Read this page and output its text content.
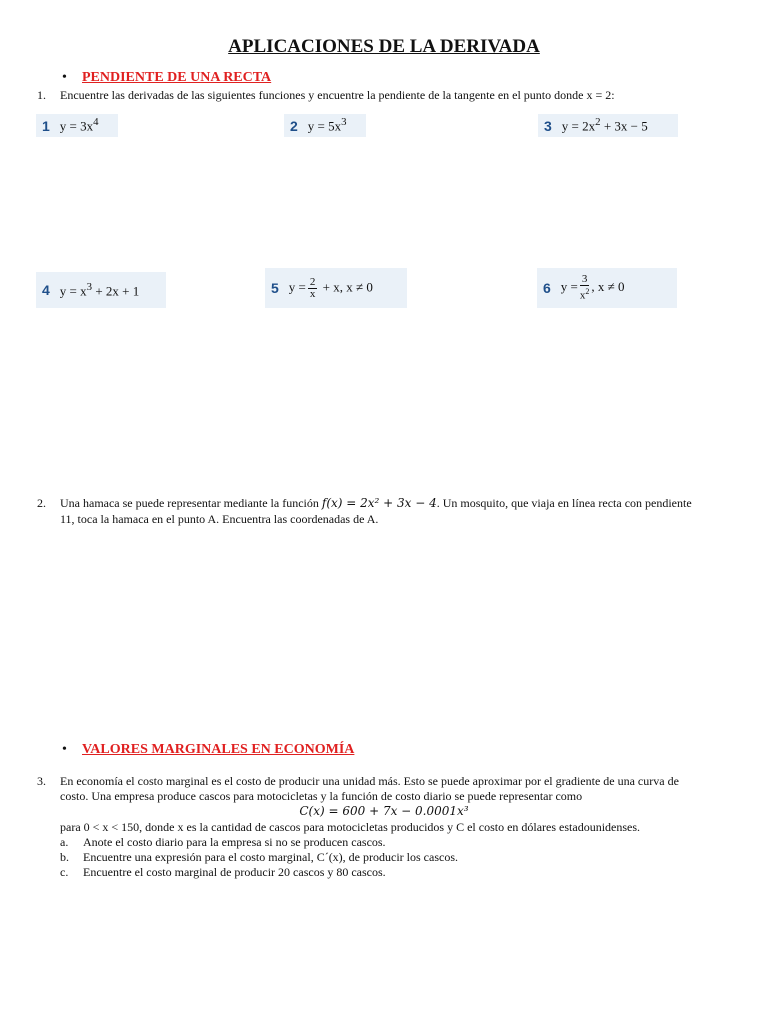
APLICACIONES DE LA DERIVADA
• PENDIENTE DE UNA RECTA
1. Encuentre las derivadas de las siguientes funciones y encuentre la pendiente de la tangente en el punto donde x = 2:
1 $y = 3x^4$	2 $y = 5x^3$	3 $y = 2x^2 + 3x - 5$
4 $y = x^3 + 2x + 1$	5 $y = \frac{2}{x} + x$, x ≠ 0	6 $y = \frac{3}{x^2}$ , x ≠ 0
2. Una hamaca se puede representar mediante la función f(x) = 2x² + 3x − 4. Un mosquito, que viaja en línea recta con pendiente
11, toca la hamaca en el punto A. Encuentra las coordenadas de A.
• VALORES MARGINALES EN ECONOMÍA
3. En economía el costo marginal es el costo de producir una unidad más. Esto se puede aproximar por el gradiente de una curva de
costo. Una empresa produce cascos para motocicletas y la función de costo diario se puede representar como
C(x) = 600 + 7x − 0.0001x³
para 0 < x < 150, donde x es la cantidad de cascos para motocicletas producidos y C el costo en dólares estadounidenses.
a. Anote el costo diario para la empresa si no se producen cascos.
b. Encuentre una expresión para el costo marginal, C´(x), de producir los cascos.
c. Encuentre el costo marginal de producir 20 cascos y 80 cascos.
